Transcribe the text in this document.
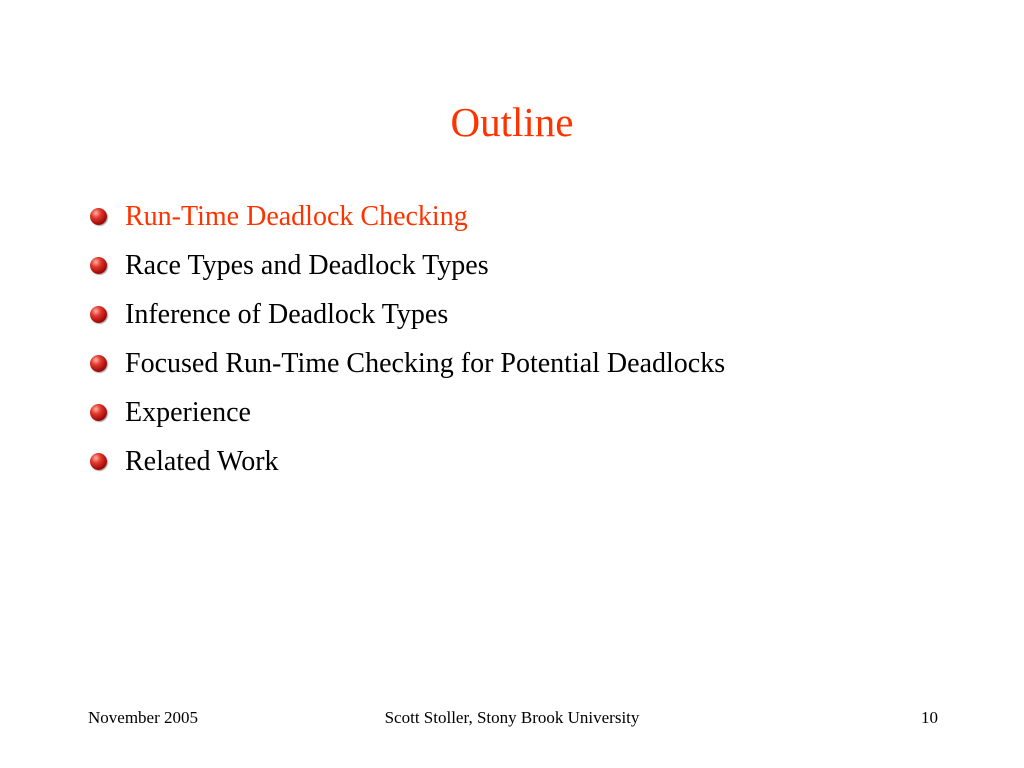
Outline
Run-Time Deadlock Checking
Race Types and Deadlock Types
Inference of Deadlock Types
Focused Run-Time Checking for Potential Deadlocks
Experience
Related Work
November 2005	Scott Stoller, Stony Brook University	10
